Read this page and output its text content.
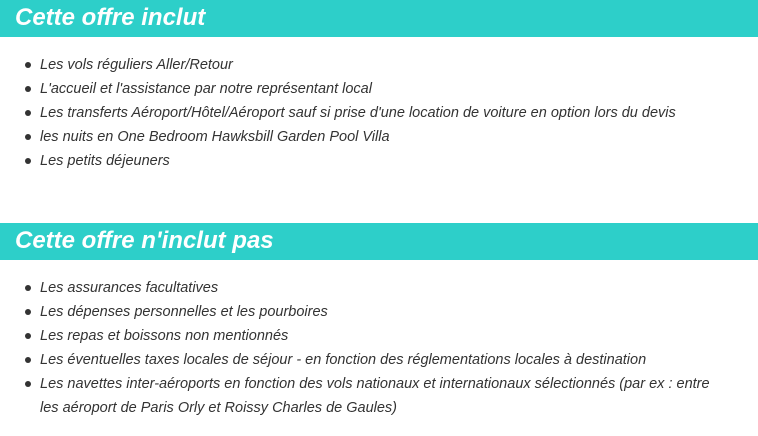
Cette offre inclut
Les vols réguliers Aller/Retour
L'accueil et l'assistance par notre représentant local
Les transferts Aéroport/Hôtel/Aéroport sauf si prise d'une location de voiture en option lors du devis
les nuits en One Bedroom Hawksbill Garden Pool Villa
Les petits déjeuners
Cette offre n'inclut pas
Les assurances facultatives
Les dépenses personnelles et les pourboires
Les repas et boissons non mentionnés
Les éventuelles taxes locales de séjour - en fonction des réglementations locales à destination
Les navettes inter-aéroports en fonction des vols nationaux et internationaux sélectionnés (par ex : entre les aéroport de Paris Orly et Roissy Charles de Gaules)
